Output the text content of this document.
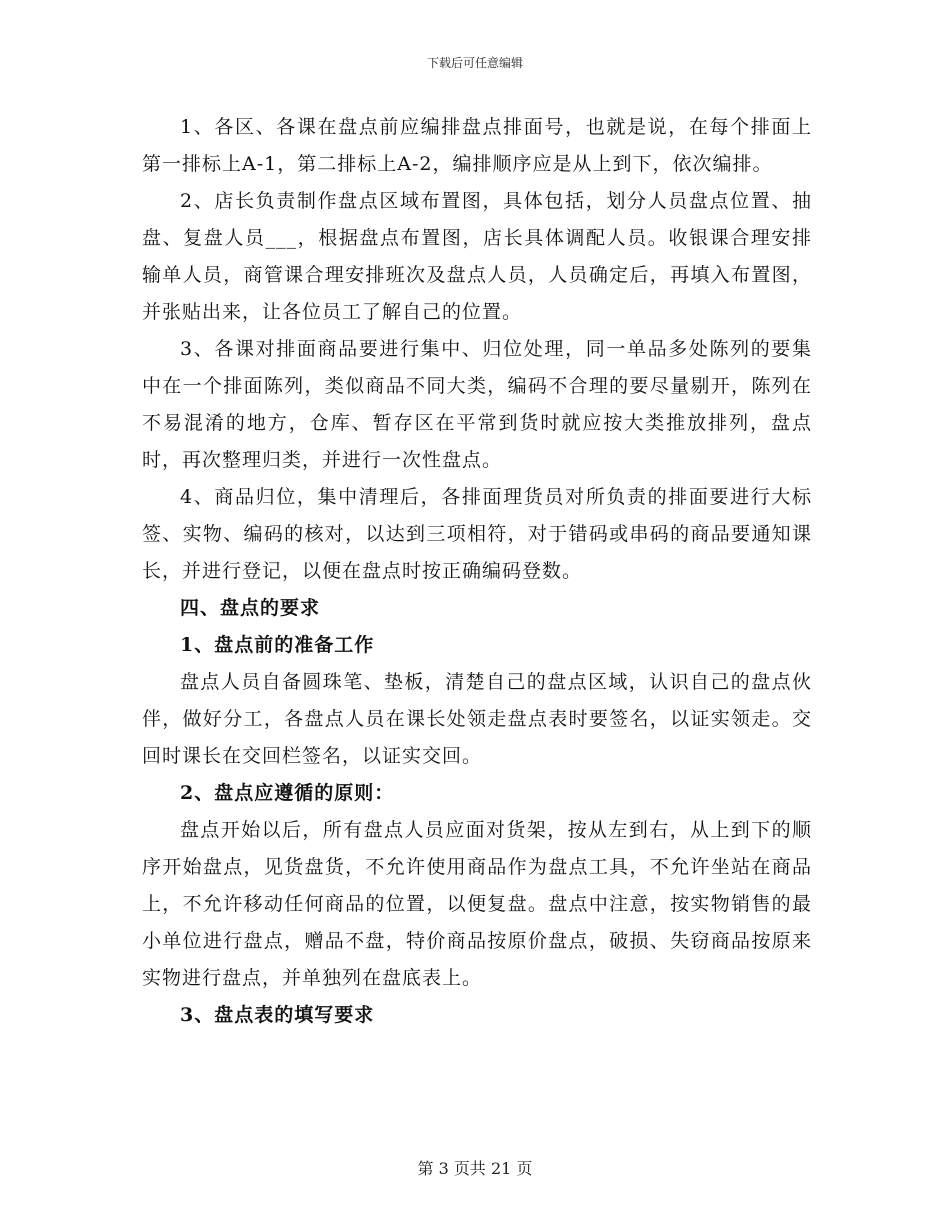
下载后可任意编辑

1、各区、各课在盘点前应编排盘点排面号，也就是说，在每个排面上第一排标上A-1，第二排标上A-2，编排顺序应是从上到下，依次编排。

2、店长负责制作盘点区域布置图，具体包括，划分人员盘点位置、抽盘、复盘人员___，根据盘点布置图，店长具体调配人员。收银课合理安排输单人员，商管课合理安排班次及盘点人员，人员确定后，再填入布置图，并张贴出来，让各位员工了解自己的位置。

3、各课对排面商品要进行集中、归位处理，同一单品多处陈列的要集中在一个排面陈列，类似商品不同大类，编码不合理的要尽量剔开，陈列在不易混淆的地方，仓库、暂存区在平常到货时就应按大类推放排列，盘点时，再次整理归类，并进行一次性盘点。

4、商品归位，集中清理后，各排面理货员对所负责的排面要进行大标签、实物、编码的核对，以达到三项相符，对于错码或串码的商品要通知课长，并进行登记，以便在盘点时按正确编码登数。

四、盘点的要求

1、盘点前的准备工作

盘点人员自备圆珠笔、垫板，清楚自己的盘点区域，认识自己的盘点伙伴，做好分工，各盘点人员在课长处领走盘点表时要签名，以证实领走。交回时课长在交回栏签名，以证实交回。

2、盘点应遵循的原则：

盘点开始以后，所有盘点人员应面对货架，按从左到右，从上到下的顺序开始盘点，见货盘货，不允许使用商品作为盘点工具，不允许坐站在商品上，不允许移动任何商品的位置，以便复盘。盘点中注意，按实物销售的最小单位进行盘点，赠品不盘，特价商品按原价盘点，破损、失窃商品按原来实物进行盘点，并单独列在盘底表上。

3、盘点表的填写要求

第 3 页共 21 页
